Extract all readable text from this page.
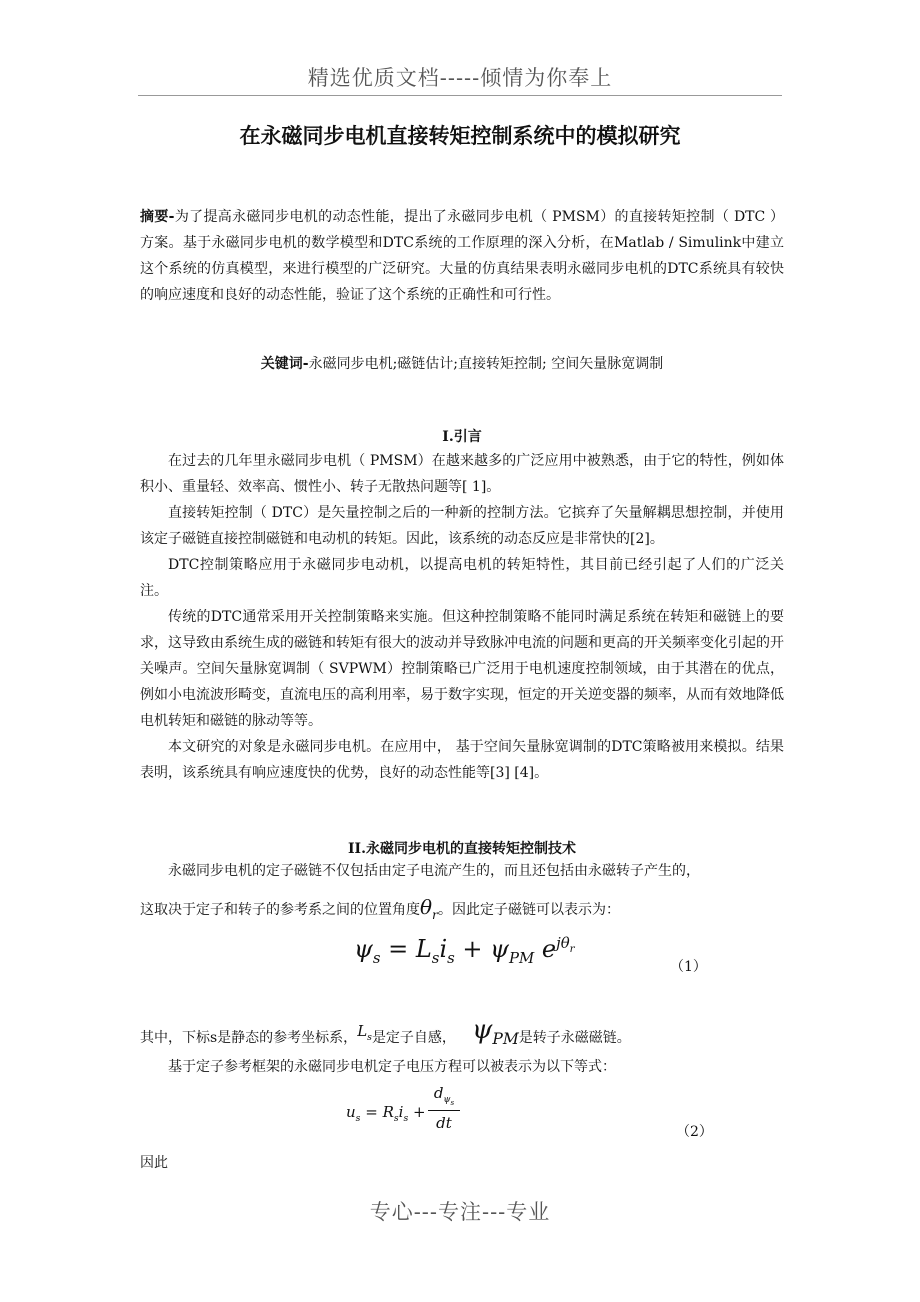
精选优质文档-----倾情为你奉上
在永磁同步电机直接转矩控制系统中的模拟研究

摘要-为了提高永磁同步电机的动态性能，提出了永磁同步电机（ PMSM）的直接转矩控制（ DTC ）方案。基于永磁同步电机的数学模型和DTC系统的工作原理的深入分析，在Matlab / Simulink中建立这个系统的仿真模型，来进行模型的广泛研究。大量的仿真结果表明永磁同步电机的DTC系统具有较快的响应速度和良好的动态性能，验证了这个系统的正确性和可行性。

关键词-永磁同步电机;磁链估计;直接转矩控制; 空间矢量脉宽调制
I.引言

在过去的几年里永磁同步电机（ PMSM）在越来越多的广泛应用中被熟悉，由于它的特性，例如体积小、重量轻、效率高、惯性小、转子无散热问题等[ 1]。

直接转矩控制（ DTC）是矢量控制之后的一种新的控制方法。它摈弃了矢量解耦思想控制，并使用该定子磁链直接控制磁链和电动机的转矩。因此，该系统的动态反应是非常快的[2]。

DTC控制策略应用于永磁同步电动机，以提高电机的转矩特性，其目前已经引起了人们的广泛关注。

传统的DTC通常采用开关控制策略来实施。但这种控制策略不能同时满足系统在转矩和磁链上的要求，这导致由系统生成的磁链和转矩有很大的波动并导致脉冲电流的问题和更高的开关频率变化引起的开关噪声。空间矢量脉宽调制（ SVPWM）控制策略已广泛用于电机速度控制领域，由于其潜在的优点，例如小电流波形畸变，直流电压的高利用率，易于数字实现，恒定的开关逆变器的频率，从而有效地降低电机转矩和磁链的脉动等等。

本文研究的对象是永磁同步电机。在应用中， 基于空间矢量脉宽调制的DTC策略被用来模拟。结果表明，该系统具有响应速度快的优势，良好的动态性能等[3] [4]。

II.永磁同步电机的直接转矩控制技术
永磁同步电机的定子磁链不仅包括由定子电流产生的，而且还包括由永磁转子产生的，
这取决于定子和转子的参考系之间的位置角度$\theta_r$。因此定子磁链可以表示为：
$\psi_s = L_si_s + \psi_{PM}$ $e^{j\theta_r}$
（1）
其中，下标s是静态的参考坐标系，$L_s$是定子自感， $\psi_{PM}$是转子永磁磁链。
基于定子参考框架的永磁同步电机定子电压方程可以被表示为以下等式：
$u_s = R_si_s$ +
$d_{\psi_s}$
dt	（2）
因此
专心---专注---专业
